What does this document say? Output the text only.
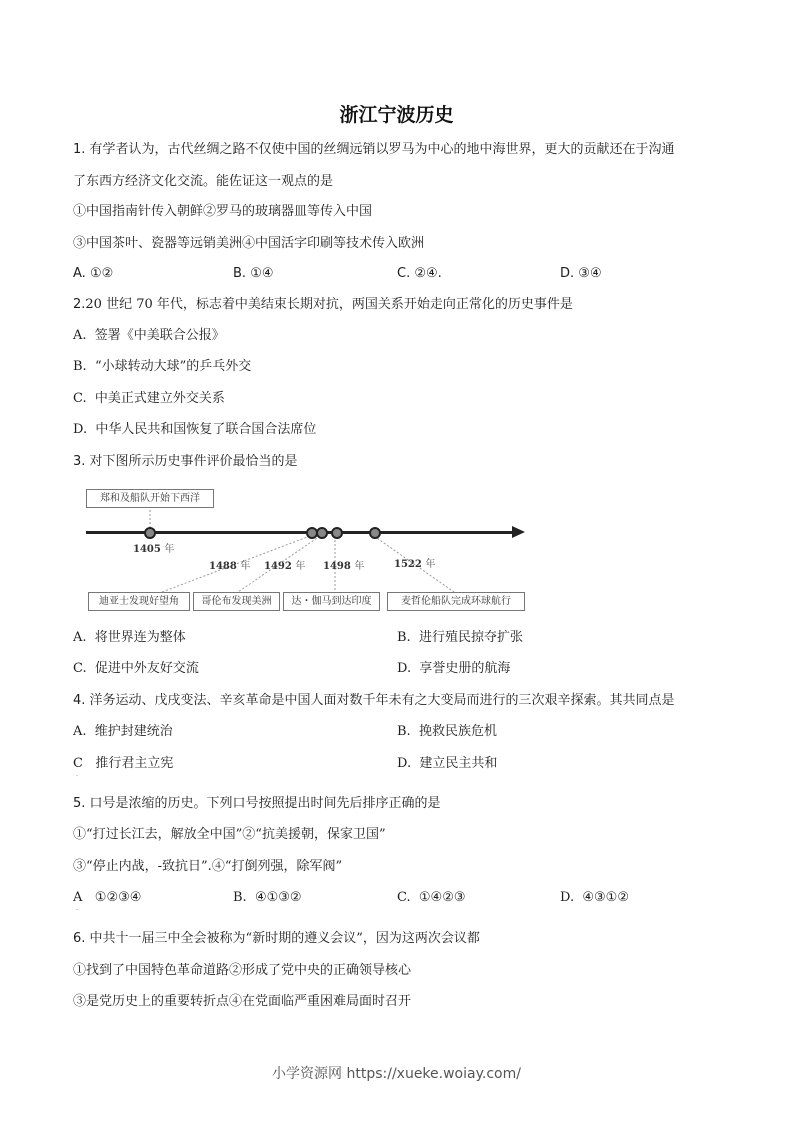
浙江宁波历史
1. 有学者认为，古代丝绸之路不仅使中国的丝绸远销以罗马为中心的地中海世界，更大的贡献还在于沟通
了东西方经济文化交流。能佐证这一观点的是
①中国指南针传入朝鲜②罗马的玻璃器皿等传入中国
③中国茶叶、瓷器等远销美洲④中国活字印刷等技术传入欧洲
A. ①②	B. ①④	C. ②④.	D. ③④
2.20 世纪 70 年代，标志着中美结束长期对抗，两国关系开始走向正常化的历史事件是
A. 签署《中美联合公报》
B. “小球转动大球”的乒乓外交
C. 中美正式建立外交关系
D. 中华人民共和国恢复了联合国合法席位
3. 对下图所示历史事件评价最恰当的是
郑和及船队开始下西洋
1405 年
1488 年 1492 年 1498 年	1522 年
迪亚士发现好望角	哥伦布发现美洲	达・伽马到达印度	麦哲伦船队完成环球航行
A. 将世界连为整体	B. 进行殖民掠夺扩张
C. 促进中外友好交流	D. 享誉史册的航海
4. 洋务运动、戊戌变法、辛亥革命是中国人面对数千年未有之大变局而进行的三次艰辛探索。其共同点是
A. 维护封建统治	B. 挽救民族危机
C 推行君主立宪	D. 建立民主共和
·
5. 口号是浓缩的历史。下列口号按照提出时间先后排序正确的是
①“打过长江去，解放全中国”②“抗美援朝，保家卫国”
③“停止内战，-致抗日”.④“打倒列强，除军阀”
A ①②③④	B. ④①③②	C. ①④②③	D. ④③①②
·
6. 中共十一届三中全会被称为“新时期的遵义会议”，因为这两次会议都
①找到了中国特色革命道路②形成了党中央的正确领导核心
③是党历史上的重要转折点④在党面临严重困难局面时召开
小学资源网 https://xueke.woiay.com/
